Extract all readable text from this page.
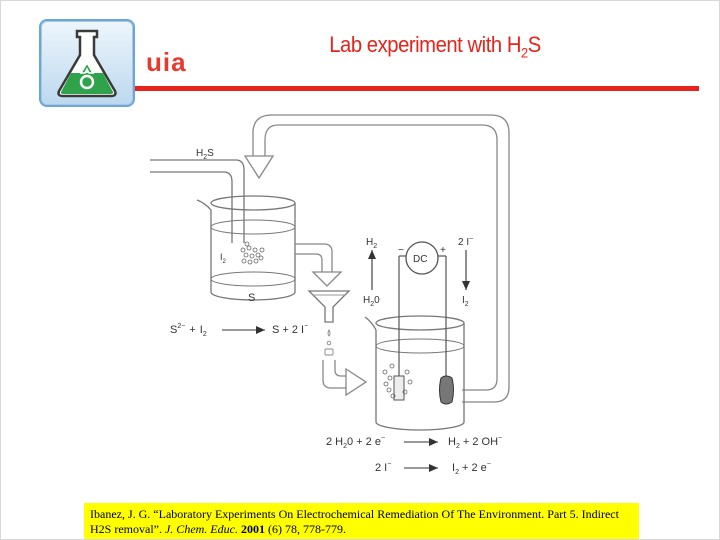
uia
Lab experiment with $H_2S$
$H_2S$
$I_2$
S
DC
−	+
$H_2$
$H_20$
2 I−
$I_2$
$S^{2-} + I_2$	S + 2 I−
2 $H_20 + 2$ e−	$H_2 + 2$ OH−
2 I−	$I_2 + 2$ e−
Ibanez, J. G. “Laboratory Experiments On Electrochemical Remediation Of The Environment. Part 5. Indirect
H2S removal”. J. Chem. Educ. 2001 (6) 78, 778-779.
